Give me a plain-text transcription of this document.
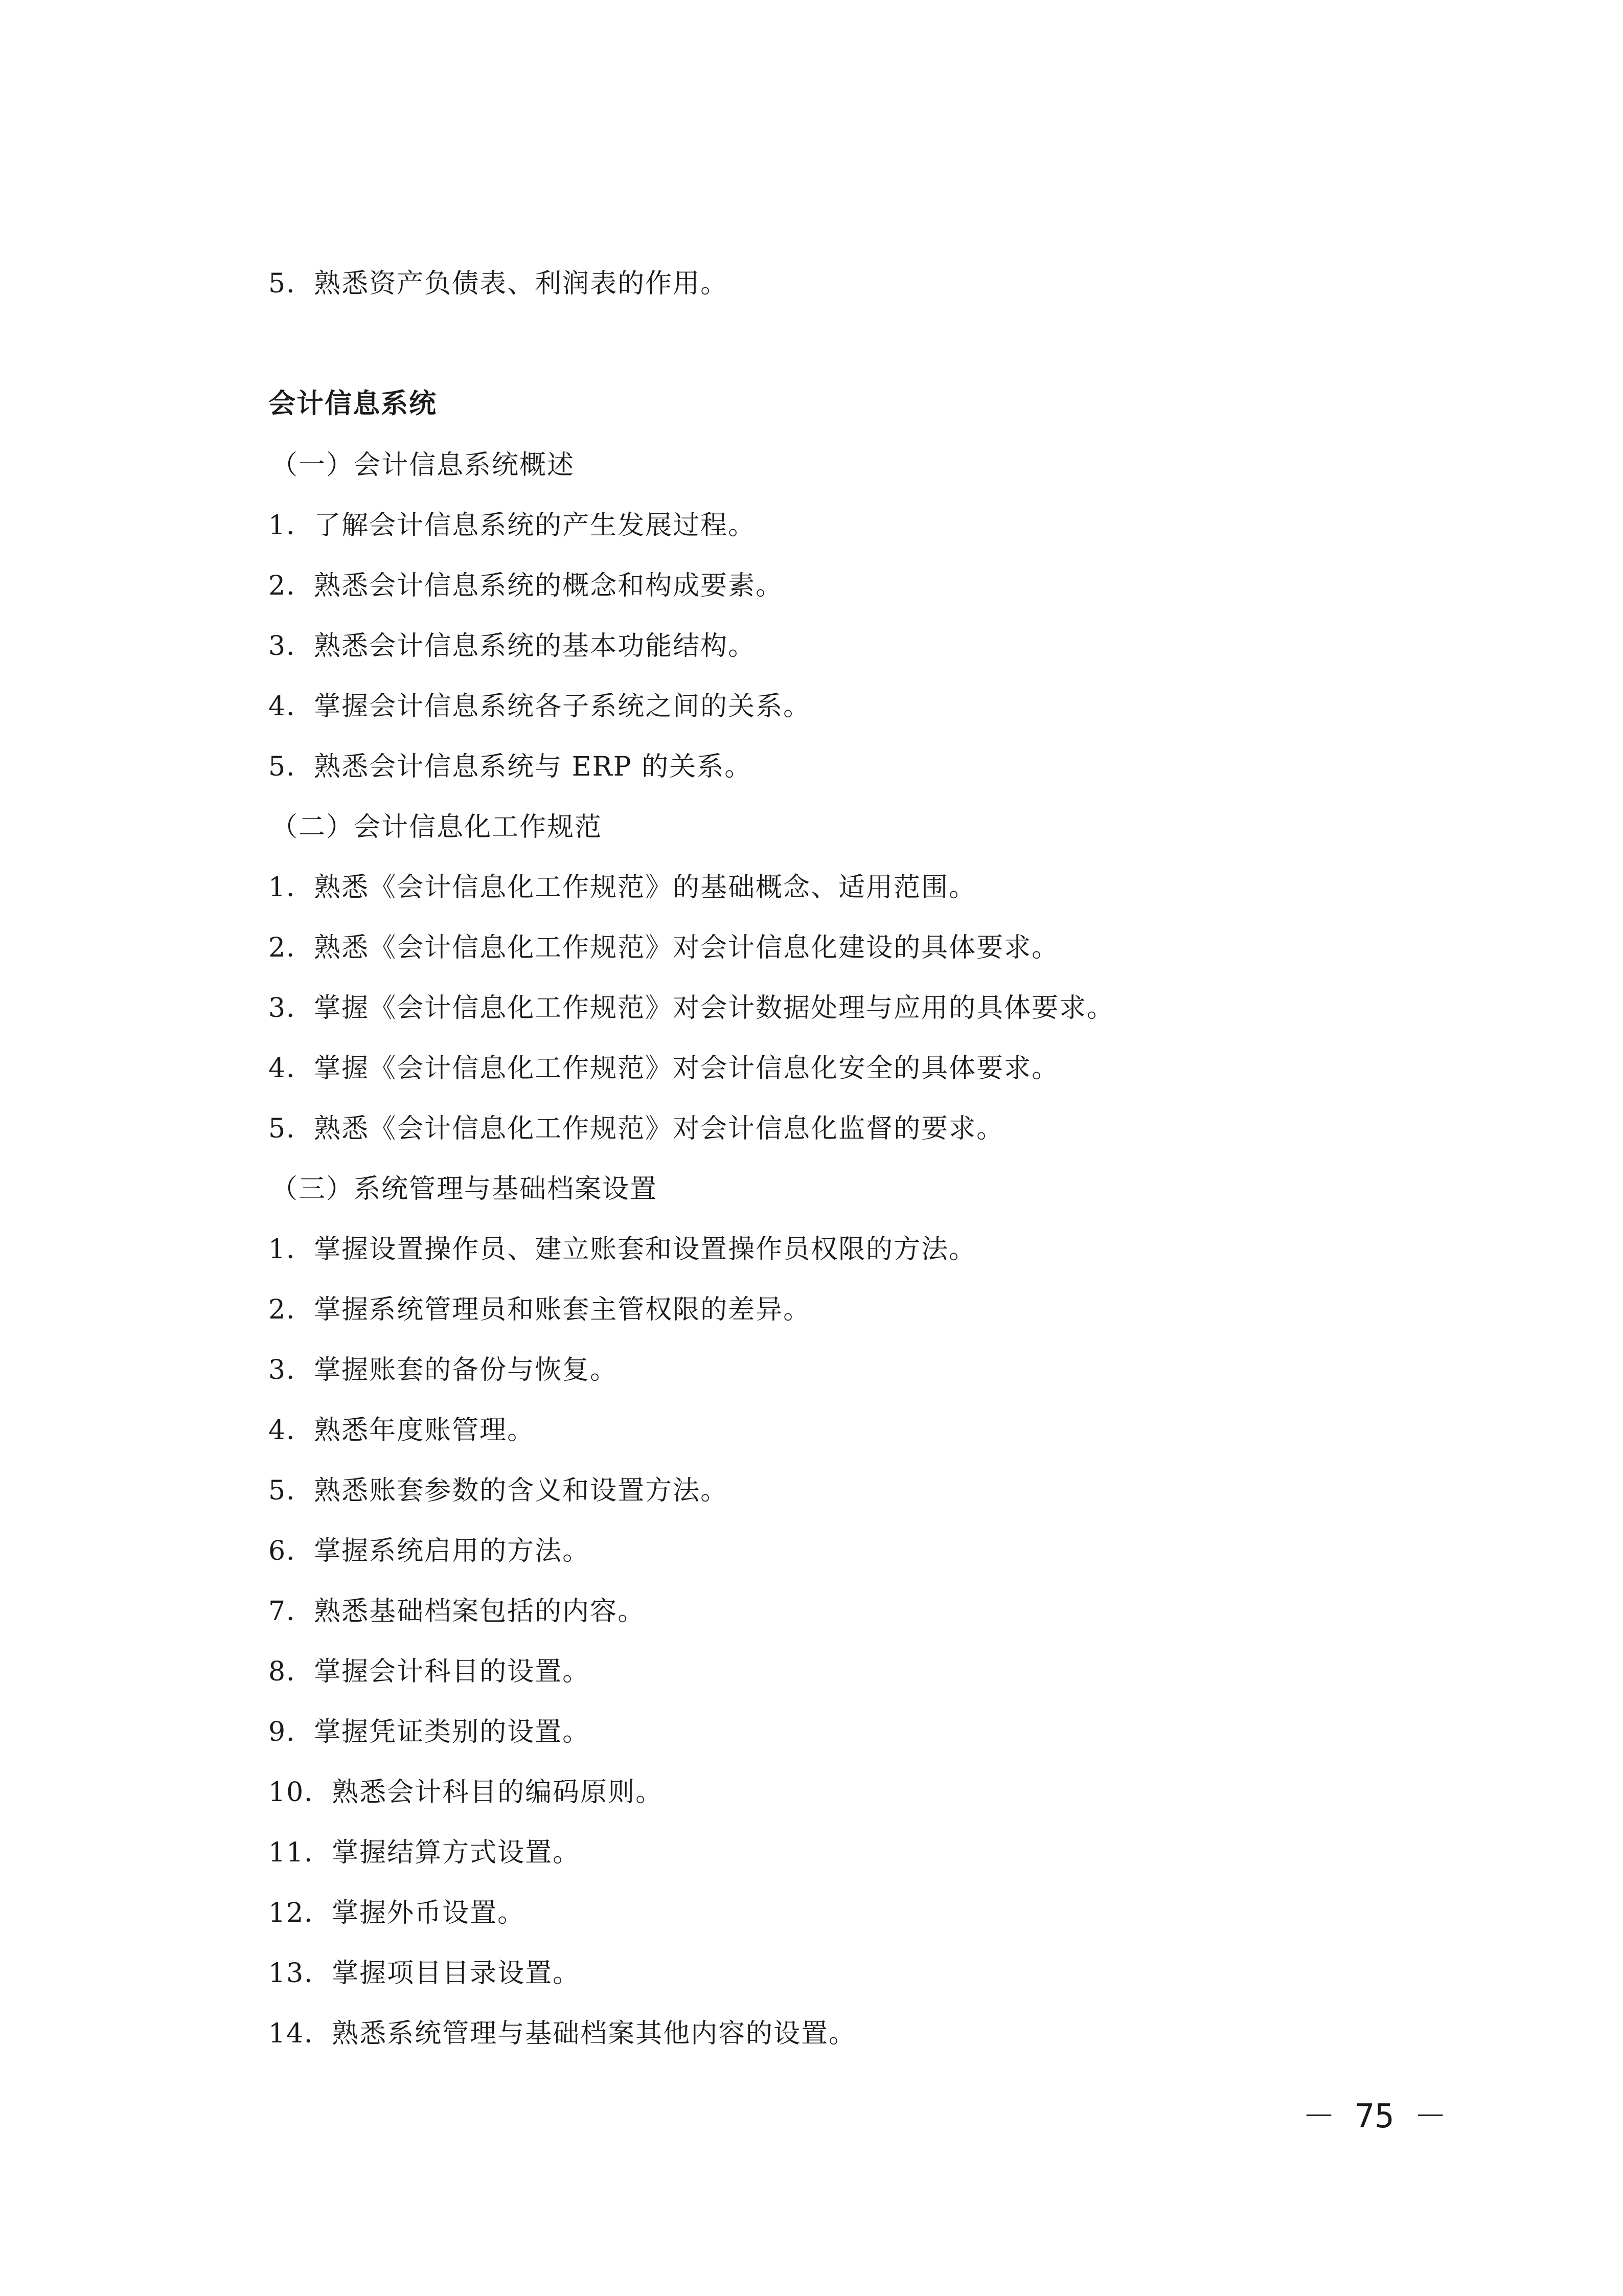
5．熟悉资产负债表、利润表的作用。
会计信息系统
（一）会计信息系统概述
1．了解会计信息系统的产生发展过程。
2．熟悉会计信息系统的概念和构成要素。
3．熟悉会计信息系统的基本功能结构。
4．掌握会计信息系统各子系统之间的关系。
5．熟悉会计信息系统与 ERP 的关系。
（二）会计信息化工作规范
1．熟悉《会计信息化工作规范》的基础概念、适用范围。
2．熟悉《会计信息化工作规范》对会计信息化建设的具体要求。
3．掌握《会计信息化工作规范》对会计数据处理与应用的具体要求。
4．掌握《会计信息化工作规范》对会计信息化安全的具体要求。
5．熟悉《会计信息化工作规范》对会计信息化监督的要求。
（三）系统管理与基础档案设置
1．掌握设置操作员、建立账套和设置操作员权限的方法。
2．掌握系统管理员和账套主管权限的差异。
3．掌握账套的备份与恢复。
4．熟悉年度账管理。
5．熟悉账套参数的含义和设置方法。
6．掌握系统启用的方法。
7．熟悉基础档案包括的内容。
8．掌握会计科目的设置。
9．掌握凭证类别的设置。
10．熟悉会计科目的编码原则。
11．掌握结算方式设置。
12．掌握外币设置。
13．掌握项目目录设置。
14．熟悉系统管理与基础档案其他内容的设置。
－ 75 －
